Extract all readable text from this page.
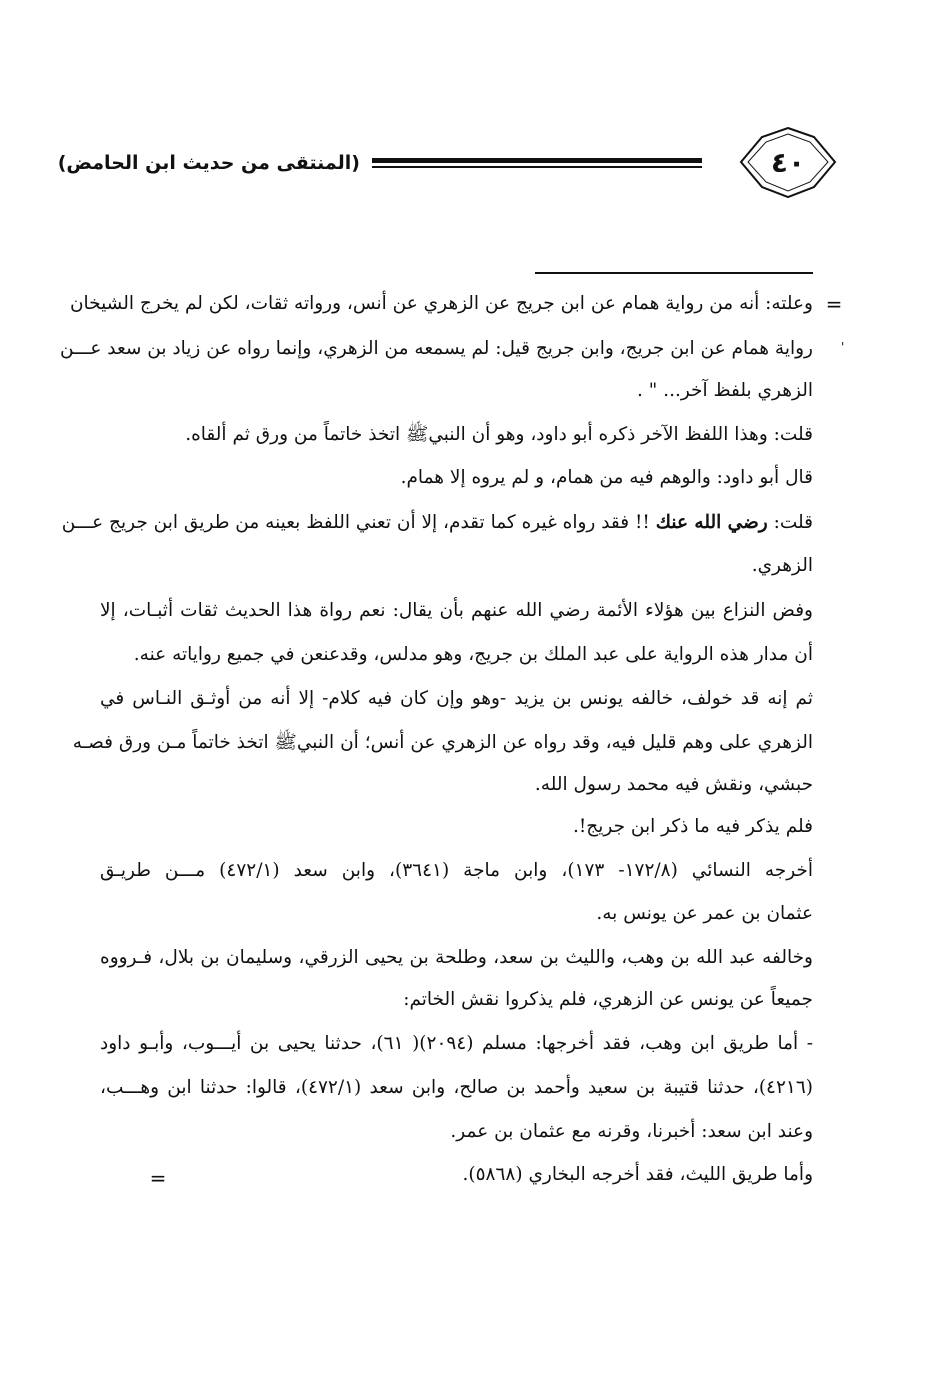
٤٠
(المنتقى من حديث ابن الحامض)
=
'
وعلته: أنه من رواية همام عن ابن جريج عن الزهري عن أنس، ورواته ثقات، لكن لم يخرج الشيخان
رواية همام عن ابن جريج، وابن جريج قيل: لم يسمعه من الزهري، وإنما رواه عن زياد بن سعد عـــن
الزهري بلفظ آخر... " .
قلت: وهذا اللفظ الآخر ذكره أبو داود، وهو أن النبيﷺ اتخذ خاتماً من ورق ثم ألقاه.
قال أبو داود: والوهم فيه من همام، و لم يروه إلا همام.
قلت: رضي الله عنك !! فقد رواه غيره كما تقدم، إلا أن تعني اللفظ بعينه من طريق ابن جريج عـــن
الزهري.
وفض النزاع بين هؤلاء الأئمة رضي الله عنهم بأن يقال: نعم رواة هذا الحديث ثقات أثبـات، إلا
أن مدار هذه الرواية على عبد الملك بن جريج، وهو مدلس، وقدعنعن في جميع رواياته عنه.
ثم إنه قد خولف، خالفه يونس بن يزيد -وهو وإن كان فيه كلام- إلا أنه من أوثـق النـاس في
الزهري على وهم قليل فيه، وقد رواه عن الزهري عن أنس؛ أن النبيﷺ اتخذ خاتماً مـن ورق فصـه
حبشي، ونقش فيه محمد رسول الله.
فلم يذكر فيه ما ذكر ابن جريج!.
أخرجه النسائي (١٧٢/٨- ١٧٣)، وابن ماجة (٣٦٤١)، وابن سعد (٤٧٢/١) مـــن طريـق
عثمان بن عمر عن يونس به.
وخالفه عبد الله بن وهب، والليث بن سعد، وطلحة بن يحيى الزرقي، وسليمان بن بلال، فـرووه
جميعاً عن يونس عن الزهري، فلم يذكروا نقش الخاتم:
- أما طريق ابن وهب، فقد أخرجها: مسلم (٢٠٩٤)( ٦١)، حدثنا يحيى بن أيـــوب، وأبـو داود
(٤٢١٦)، حدثنا قتيبة بن سعيد وأحمد بن صالح، وابن سعد (٤٧٢/١)، قالوا: حدثنا ابن وهـــب،
وعند ابن سعد: أخبرنا، وقرنه مع عثمان بن عمر.
وأما طريق الليث، فقد أخرجه البخاري (٥٨٦٨).
=
